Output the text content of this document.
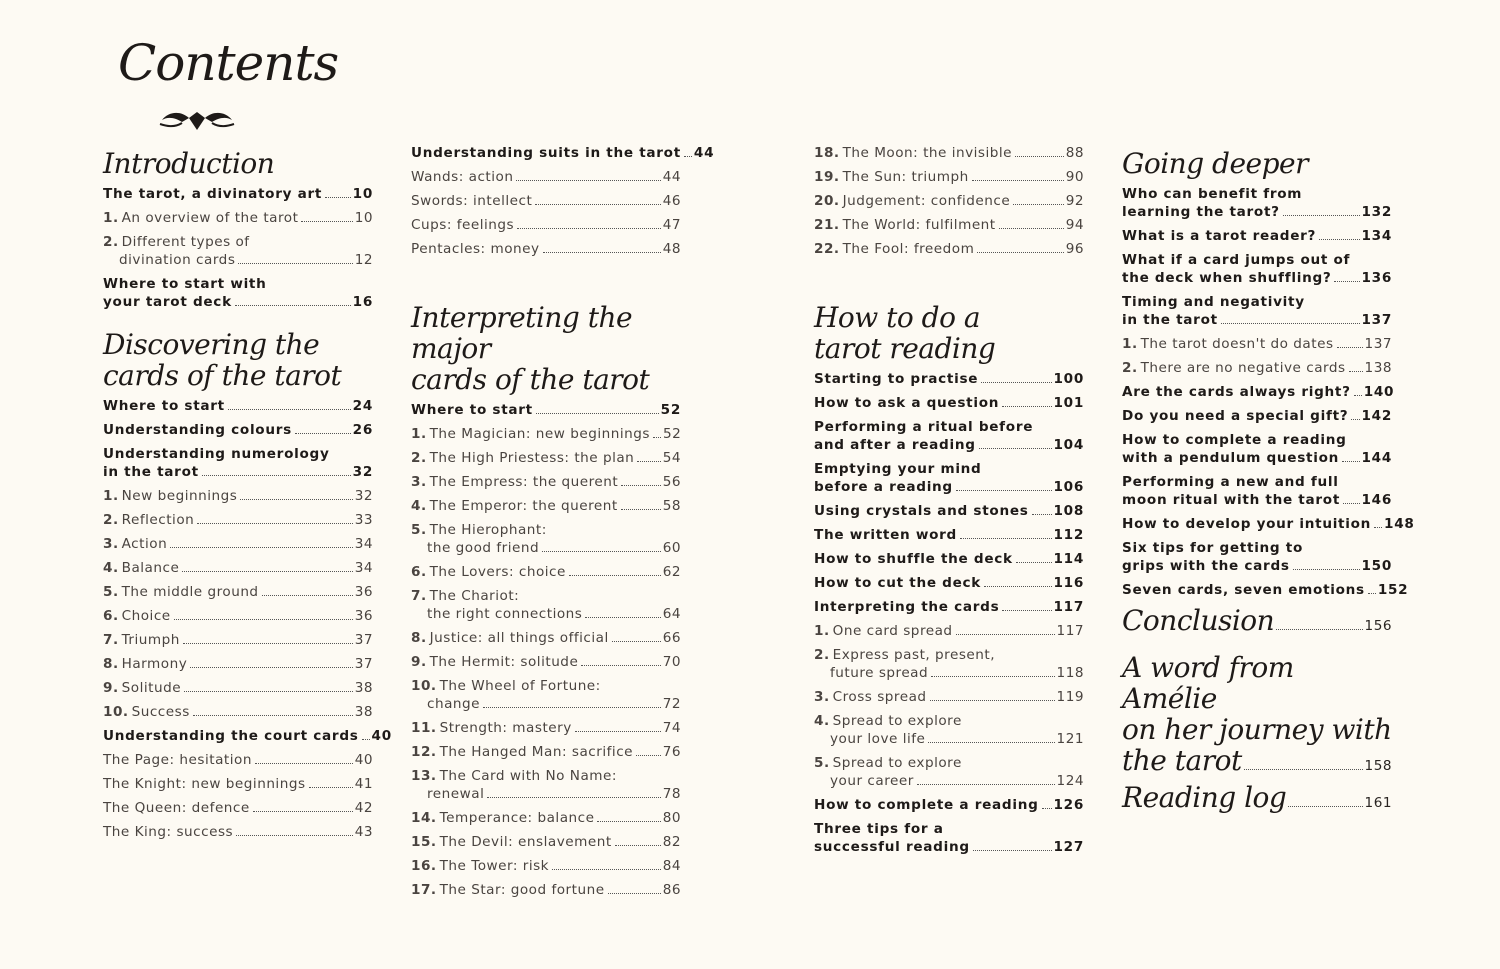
Contents
Introduction
The tarot, a divinatory art 10
1. An overview of the tarot	10
2. Different types of
divination cards	12
Where to start with
your tarot deck	16
Discovering the
cards of the tarot
Where to start	24
Understanding colours	26
Understanding numerology
in the tarot	32
1. New beginnings	32
2. Reflection	33
3. Action	34
4. Balance	34
5. The middle ground	36
6. Choice	36
7. Triumph	37
8. Harmony	37
9. Solitude	38
10. Success	38
Understanding the court cards 40
The Page: hesitation	40
The Knight: new beginnings	41
The Queen: defence	42
The King: success	43
Understanding suits in the tarot 44
Wands: action	44
Swords: intellect	46
Cups: feelings	47
Pentacles: money	48
Interpreting the major
cards of the tarot
Where to start	52
1. The Magician: new beginnings 52
2. The High Priestess: the plan 54
3. The Empress: the querent	56
4. The Emperor: the querent	58
5. The Hierophant:
the good friend	60
6. The Lovers: choice	62
7. The Chariot:
the right connections	64
8. Justice: all things official	66
9. The Hermit: solitude	70
10. The Wheel of Fortune:
change	72
11. Strength: mastery	74
12. The Hanged Man: sacrifice 76
13. The Card with No Name:
renewal	78
14. Temperance: balance	80
15. The Devil: enslavement	82
16. The Tower: risk	84
17. The Star: good fortune	86
18. The Moon: the invisible	88
19. The Sun: triumph	90
20. Judgement: confidence	92
21. The World: fulfilment	94
22. The Fool: freedom	96
How to do a
tarot reading
Starting to practise	100
How to ask a question	101
Performing a ritual before
and after a reading	104
Emptying your mind
before a reading	106
Using crystals and stones 108
The written word	112
How to shuffle the deck	114
How to cut the deck	116
Interpreting the cards	117
1. One card spread	117
2. Express past, present,
future spread	118
3. Cross spread	119
4. Spread to explore
your love life	121
5. Spread to explore
your career	124
How to complete a reading 126
Three tips for a
successful reading	127
Going deeper
Who can benefit from
learning the tarot?	132
What is a tarot reader?	134
What if a card jumps out of
the deck when shuffling? 136
Timing and negativity
in the tarot	137
1. The tarot doesn't do dates 137
2. There are no negative cards 138
Are the cards always right? 140
Do you need a special gift? 142
How to complete a reading
with a pendulum question 144
Performing a new and full
moon ritual with the tarot 146
How to develop your intuition 148
Six tips for getting to
grips with the cards	150
Seven cards, seven emotions 152
Conclusion	156
A word from Amélie
on her journey with
the tarot	158
Reading log	161
